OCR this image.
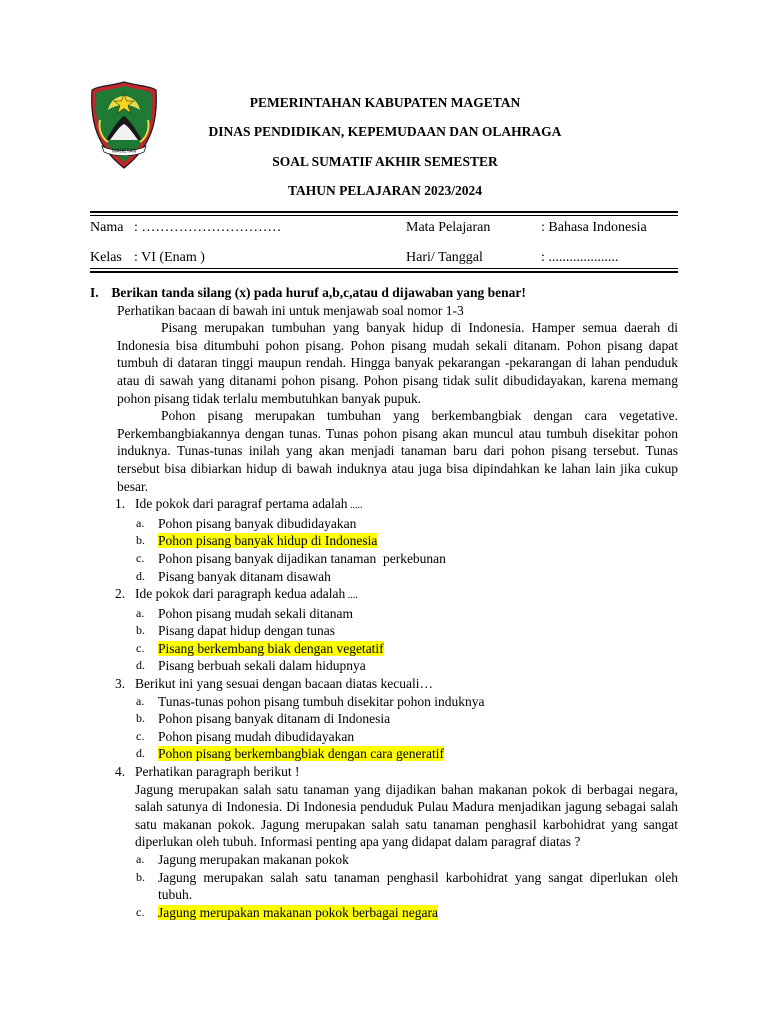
MAGETAN
PEMERINTAHAN KABUPATEN MAGETAN
DINAS PENDIDIKAN, KEPEMUDAAN DAN OLAHRAGA
SOAL SUMATIF AKHIR SEMESTER
TAHUN PELAJARAN 2023/2024
Nama : …………………………	Mata Pelajaran	: Bahasa Indonesia
Kelas : VI (Enam )	Hari/ Tanggal	: ....................
I. Berikan tanda silang (x) pada huruf a,b,c,atau d dijawaban yang benar!
Perhatikan bacaan di bawah ini untuk menjawab soal nomor 1-3
Pisang merupakan tumbuhan yang banyak hidup di Indonesia. Hamper semua daerah di Indonesia bisa ditumbuhi pohon pisang. Pohon pisang mudah sekali ditanam. Pohon pisang dapat tumbuh di dataran tinggi maupun rendah. Hingga banyak pekarangan -pekarangan di lahan penduduk atau di sawah yang ditanami pohon pisang. Pohon pisang tidak sulit dibudidayakan, karena memang pohon pisang tidak terlalu membutuhkan banyak pupuk.
Pohon pisang merupakan tumbuhan yang berkembangbiak dengan cara vegetative. Perkembangbiakannya dengan tunas. Tunas pohon pisang akan muncul atau tumbuh disekitar pohon induknya. Tunas-tunas inilah yang akan menjadi tanaman baru dari pohon pisang tersebut. Tunas tersebut bisa dibiarkan hidup di bawah induknya atau juga bisa dipindahkan ke lahan lain jika cukup besar.
1. Ide pokok dari paragraf pertama adalah .....
a. Pohon pisang banyak dibudidayakan
b. Pohon pisang banyak hidup di Indonesia
c. Pohon pisang banyak dijadikan tanaman  perkebunan
d. Pisang banyak ditanam disawah
2. Ide pokok dari paragraph kedua adalah ....
a. Pohon pisang mudah sekali ditanam
b. Pisang dapat hidup dengan tunas
c. Pisang berkembang biak dengan vegetatif
d. Pisang berbuah sekali dalam hidupnya
3. Berikut ini yang sesuai dengan bacaan diatas kecuali…
a. Tunas-tunas pohon pisang tumbuh disekitar pohon induknya
b. Pohon pisang banyak ditanam di Indonesia
c. Pohon pisang mudah dibudidayakan
d. Pohon pisang berkembangbiak dengan cara generatif
4. Perhatikan paragraph berikut !
Jagung merupakan salah satu tanaman yang dijadikan bahan makanan pokok di berbagai negara, salah satunya di Indonesia. Di Indonesia penduduk Pulau Madura menjadikan jagung sebagai salah satu makanan pokok. Jagung merupakan salah satu tanaman penghasil karbohidrat yang sangat diperlukan oleh tubuh. Informasi penting apa yang didapat dalam paragraf diatas ?
a. Jagung merupakan makanan pokok
b. Jagung merupakan salah satu tanaman penghasil karbohidrat yang sangat diperlukan oleh tubuh.
c. Jagung merupakan makanan pokok berbagai negara
